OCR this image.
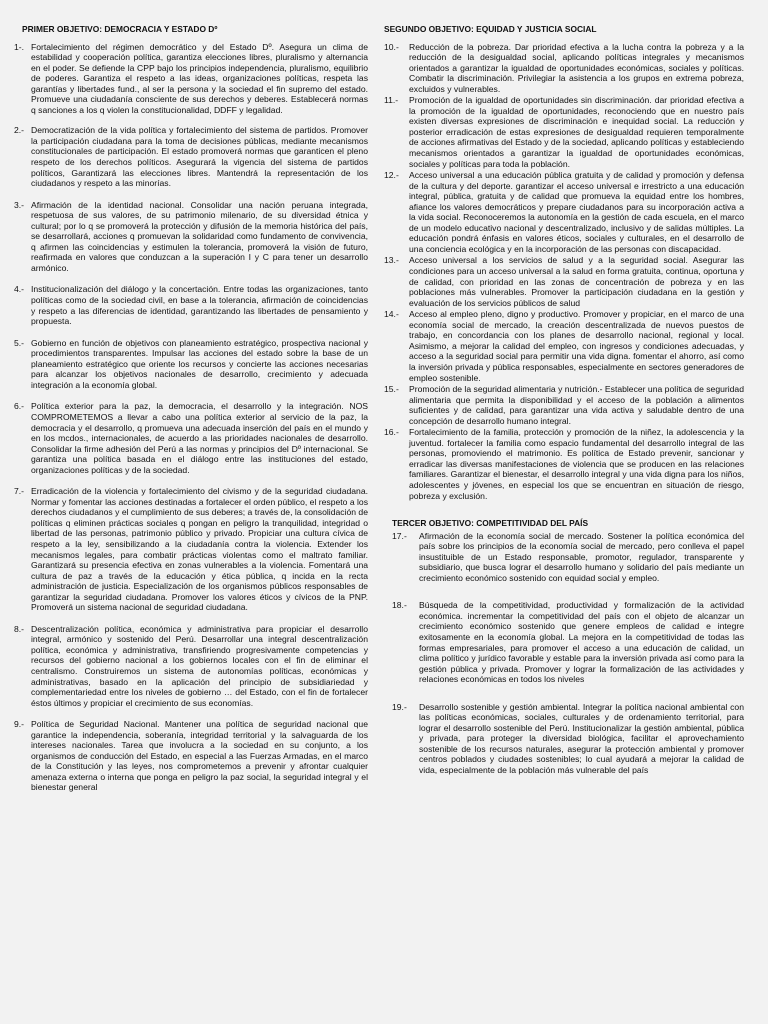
PRIMER OBJETIVO: DEMOCRACIA Y ESTADO Dº
1-. Fortalecimiento del régimen democrático y del Estado Dº. Asegura un clima de estabilidad y cooperación política, garantiza elecciones libres, pluralismo y alternancia en el poder. Se defiende la CPP bajo los principios independencia, pluralismo, equilibrio de poderes. Garantiza el respeto a las ideas, organizaciones políticas, respeta las garantías y libertades fund., al ser la persona y la sociedad el fin supremo del estado. Promueve una ciudadanía consciente de sus derechos y deberes. Establecerá normas q sanciones a los q violen la constitucionalidad, DDFF y legalidad.
2.- Democratización de la vida política y fortalecimiento del sistema de partidos. Promover la participación ciudadana para la toma de decisiones públicas, mediante mecanismos constitucionales de participación. El estado promoverá normas que garanticen el pleno respeto de los derechos políticos. Asegurará la vigencia del sistema de partidos políticos, Garantizará las elecciones libres. Mantendrá la representación de los ciudadanos y respeto a las minorías.
3.- Afirmación de la identidad nacional. Consolidar una nación peruana integrada, respetuosa de sus valores, de su patrimonio milenario, de su diversidad étnica y cultural; por lo q se promoverá la protección y difusión de la memoria histórica del país, se desarrollará, acciones q promuevan la solidaridad como fundamento de convivencia, q afirmen las coincidencias y estimulen la tolerancia, promoverá la visión de futuro, reafirmada en valores que conduzcan a la superación I y C para tener un desarrollo armónico.
4.- Institucionalización del diálogo y la concertación. Entre todas las organizaciones, tanto políticas como de la sociedad civil, en base a la tolerancia, afirmación de coincidencias y respeto a las diferencias de identidad, garantizando las libertades de pensamiento y propuesta.
5.- Gobierno en función de objetivos con planeamiento estratégico, prospectiva nacional y procedimientos transparentes. Impulsar las acciones del estado sobre la base de un planeamiento estratégico que oriente los recursos y concierte las acciones necesarias para alcanzar los objetivos nacionales de desarrollo, crecimiento y adecuada integración a la economía global.
6.- Política exterior para la paz, la democracia, el desarrollo y la integración. NOS COMPROMETEMOS a llevar a cabo una política exterior al servicio de la paz, la democracia y el desarrollo, q promueva una adecuada inserción del país en el mundo y en los mcdos., internacionales, de acuerdo a las prioridades nacionales de desarrollo. Consolidar la firme adhesión del Perú a las normas y principios del Dº internacional. Se garantiza una política basada en el diálogo entre las instituciones del estado, organizaciones políticas y de la sociedad.
7.- Erradicación de la violencia y fortalecimiento del civismo y de la seguridad ciudadana. Normar y fomentar las acciones destinadas a fortalecer el orden público, el respeto a los derechos ciudadanos y el cumplimiento de sus deberes; a través de, la consolidación de políticas q eliminen prácticas sociales q pongan en peligro la tranquilidad, integridad o libertad de las personas, patrimonio público y privado. Propiciar una cultura cívica de respeto a la ley, sensibilizando a la ciudadanía contra la violencia. Extender los mecanismos legales, para combatir prácticas violentas como el maltrato familiar. Garantizará su presencia efectiva en zonas vulnerables a la violencia. Fomentará una cultura de paz a través de la educación y ética pública, q incida en la recta administración de justicia. Especialización de los organismos públicos responsables de garantizar la seguridad ciudadana. Promover los valores éticos y cívicos de la PNP. Promoverá un sistema nacional de seguridad ciudadana.
8.- Descentralización política, económica y administrativa para propiciar el desarrollo integral, armónico y sostenido del Perú. Desarrollar una integral descentralización política, económica y administrativa, transfiriendo progresivamente competencias y recursos del gobierno nacional a los gobiernos locales con el fin de eliminar el centralismo. Construiremos un sistema de autonomías políticas, económicas y administrativas, basado en la aplicación del principio de subsidiariedad y complementariedad entre los niveles de gobierno … del Estado, con el fin de fortalecer éstos últimos y propiciar el crecimiento de sus economías.
9.- Política de Seguridad Nacional. Mantener una política de seguridad nacional que garantice la independencia, soberanía, integridad territorial y la salvaguarda de los intereses nacionales. Tarea que involucra a la sociedad en su conjunto, a los organismos de conducción del Estado, en especial a las Fuerzas Armadas, en el marco de la Constitución y las leyes, nos comprometemos a prevenir y afrontar cualquier amenaza externa o interna que ponga en peligro la paz social, la seguridad integral y el bienestar general
SEGUNDO OBJETIVO: EQUIDAD Y JUSTICIA SOCIAL
10.-	Reducción de la pobreza. Dar prioridad efectiva a la lucha contra la pobreza y a la reducción de la desigualdad social, aplicando políticas integrales y mecanismos orientados a garantizar la igualdad de oportunidades económicas, sociales y políticas. Combatir la discriminación. Privilegiar la asistencia a los grupos en extrema pobreza, excluidos y vulnerables.
11.-	Promoción de la igualdad de oportunidades sin discriminación. dar prioridad efectiva a la promoción de la igualdad de oportunidades, reconociendo que en nuestro país existen diversas expresiones de discriminación e inequidad social. La reducción y posterior erradicación de estas expresiones de desigualdad requieren temporalmente de acciones afirmativas del Estado y de la sociedad, aplicando políticas y estableciendo mecanismos orientados a garantizar la igualdad de oportunidades económicas, sociales y políticas para toda la población.
12.-	Acceso universal a una educación pública gratuita y de calidad y promoción y defensa de la cultura y del deporte. garantizar el acceso universal e irrestricto a una educación integral, pública, gratuita y de calidad que promueva la equidad entre los hombres, afiance los valores democráticos y prepare ciudadanos para su incorporación activa a la vida social. Reconoceremos la autonomía en la gestión de cada escuela, en el marco de un modelo educativo nacional y descentralizado, inclusivo y de salidas múltiples. La educación pondrá énfasis en valores éticos, sociales y culturales, en el desarrollo de una conciencia ecológica y en la incorporación de las personas con discapacidad.
13.-	Acceso universal a los servicios de salud y a la seguridad social. Asegurar las condiciones para un acceso universal a la salud en forma gratuita, continua, oportuna y de calidad, con prioridad en las zonas de concentración de pobreza y en las poblaciones más vulnerables. Promover la participación ciudadana en la gestión y evaluación de los servicios públicos de salud
14.-	Acceso al empleo pleno, digno y productivo. Promover y propiciar, en el marco de una economía social de mercado, la creación descentralizada de nuevos puestos de trabajo, en concordancia con los planes de desarrollo nacional, regional y local. Asimismo, a mejorar la calidad del empleo, con ingresos y condiciones adecuadas, y acceso a la seguridad social para permitir una vida digna. fomentar el ahorro, así como la inversión privada y pública responsables, especialmente en sectores generadores de empleo sostenible.
15.-	Promoción de la seguridad alimentaria y nutrición.- Establecer una política de seguridad alimentaria que permita la disponibilidad y el acceso de la población a alimentos suficientes y de calidad, para garantizar una vida activa y saludable dentro de una concepción de desarrollo humano integral.
16.-	Fortalecimiento de la familia, protección y promoción de la niñez, la adolescencia y la juventud. fortalecer la familia como espacio fundamental del desarrollo integral de las personas, promoviendo el matrimonio. Es política de Estado prevenir, sancionar y erradicar las diversas manifestaciones de violencia que se producen en las relaciones familiares. Garantizar el bienestar, el desarrollo integral y una vida digna para los niños, adolescentes y jóvenes, en especial los que se encuentran en situación de riesgo, pobreza y exclusión.
TERCER OBJETIVO: COMPETITIVIDAD DEL PAÍS
17.-	Afirmación de la economía social de mercado. Sostener la política económica del país sobre los principios de la economía social de mercado, pero conlleva el papel insustituible de un Estado responsable, promotor, regulador, transparente y subsidiario, que busca lograr el desarrollo humano y solidario del país mediante un crecimiento económico sostenido con equidad social y empleo.
18.-	Búsqueda de la competitividad, productividad y formalización de la actividad económica. incrementar la competitividad del país con el objeto de alcanzar un crecimiento económico sostenido que genere empleos de calidad e integre exitosamente en la economía global. La mejora en la competitividad de todas las formas empresariales, para promover el acceso a una educación de calidad, un clima político y jurídico favorable y estable para la inversión privada así como para la gestión pública y privada. Promover y lograr la formalización de las actividades y relaciones económicas en todos los niveles
19.-	Desarrollo sostenible y gestión ambiental. Integrar la política nacional ambiental con las políticas económicas, sociales, culturales y de ordenamiento territorial, para lograr el desarrollo sostenible del Perú. Institucionalizar la gestión ambiental, pública y privada, para proteger la diversidad biológica, facilitar el aprovechamiento sostenible de los recursos naturales, asegurar la protección ambiental y promover centros poblados y ciudades sostenibles; lo cual ayudará a mejorar la calidad de vida, especialmente de la población más vulnerable del país
